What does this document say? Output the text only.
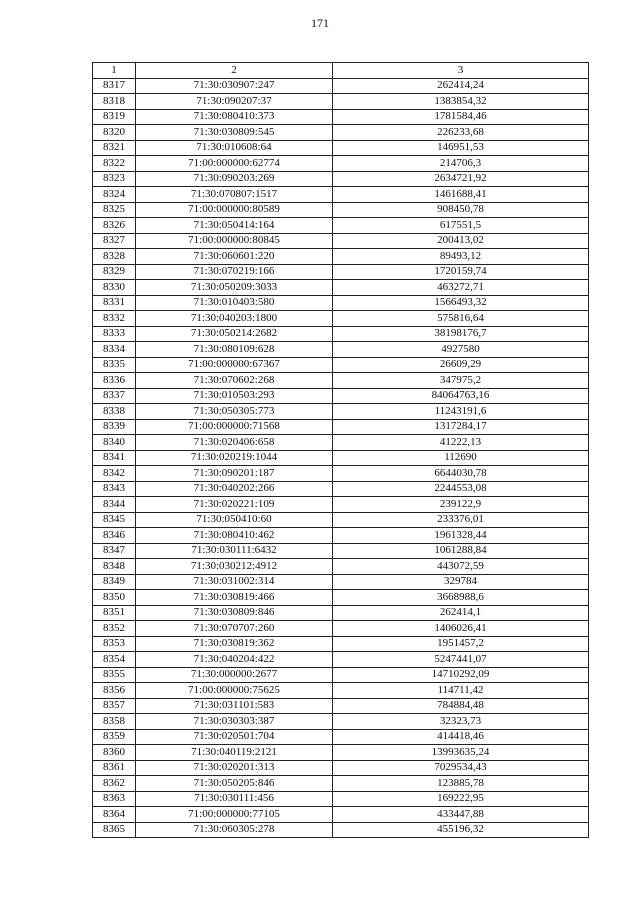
171
1	2	3
8317	71:30:030907:247	262414,24
8318	71:30:090207:37	1383854,32
8319	71:30:080410:373	1781584,46
8320	71:30:030809:545	226233,68
8321	71:30:010608:64	146951,53
8322	71:00:000000:62774	214706,3
8323	71:30:090203:269	2634721,92
8324	71:30:070807:1517	1461688,41
8325	71:00:000000:80589	908450,78
8326	71:30:050414:164	617551,5
8327	71:00:000000:80845	200413,02
8328	71:30:060601:220	89493,12
8329	71:30:070219:166	1720159,74
8330	71:30:050209:3033	463272,71
8331	71:30:010403:580	1566493,32
8332	71:30:040203:1800	575816,64
8333	71:30:050214:2682	38198176,7
8334	71:30:080109:628	4927580
8335	71:00:000000:67367	26609,29
8336	71:30:070602:268	347975,2
8337	71:30:010503:293	84064763,16
8338	71:30:050305:773	11243191,6
8339	71:00:000000:71568	1317284,17
8340	71:30:020406:658	41222,13
8341	71:30:020219:1044	112690
8342	71:30:090201:187	6644030,78
8343	71:30:040202:266	2244553,08
8344	71:30:020221:109	239122,9
8345	71:30:050410:60	233376,01
8346	71:30:080410:462	1961328,44
8347	71:30:030111:6432	1061288,84
8348	71:30:030212:4912	443072,59
8349	71:30:031002:314	329784
8350	71:30:030819:466	3668988,6
8351	71:30:030809:846	262414,1
8352	71:30:070707:260	1406026,41
8353	71:30:030819:362	1951457,2
8354	71:30:040204:422	5247441,07
8355	71:30:000000:2677	14710292,09
8356	71:00:000000:75625	114711,42
8357	71:30:031101:583	784884,48
8358	71:30:030303:387	32323,73
8359	71:30:020501:704	414418,46
8360	71:30:040119:2121	13993635,24
8361	71:30:020201:313	7029534,43
8362	71:30:050205:846	123885,78
8363	71:30:030111:456	169222,95
8364	71:00:000000:77105	433447,88
8365	71:30:060305:278	455196,32
